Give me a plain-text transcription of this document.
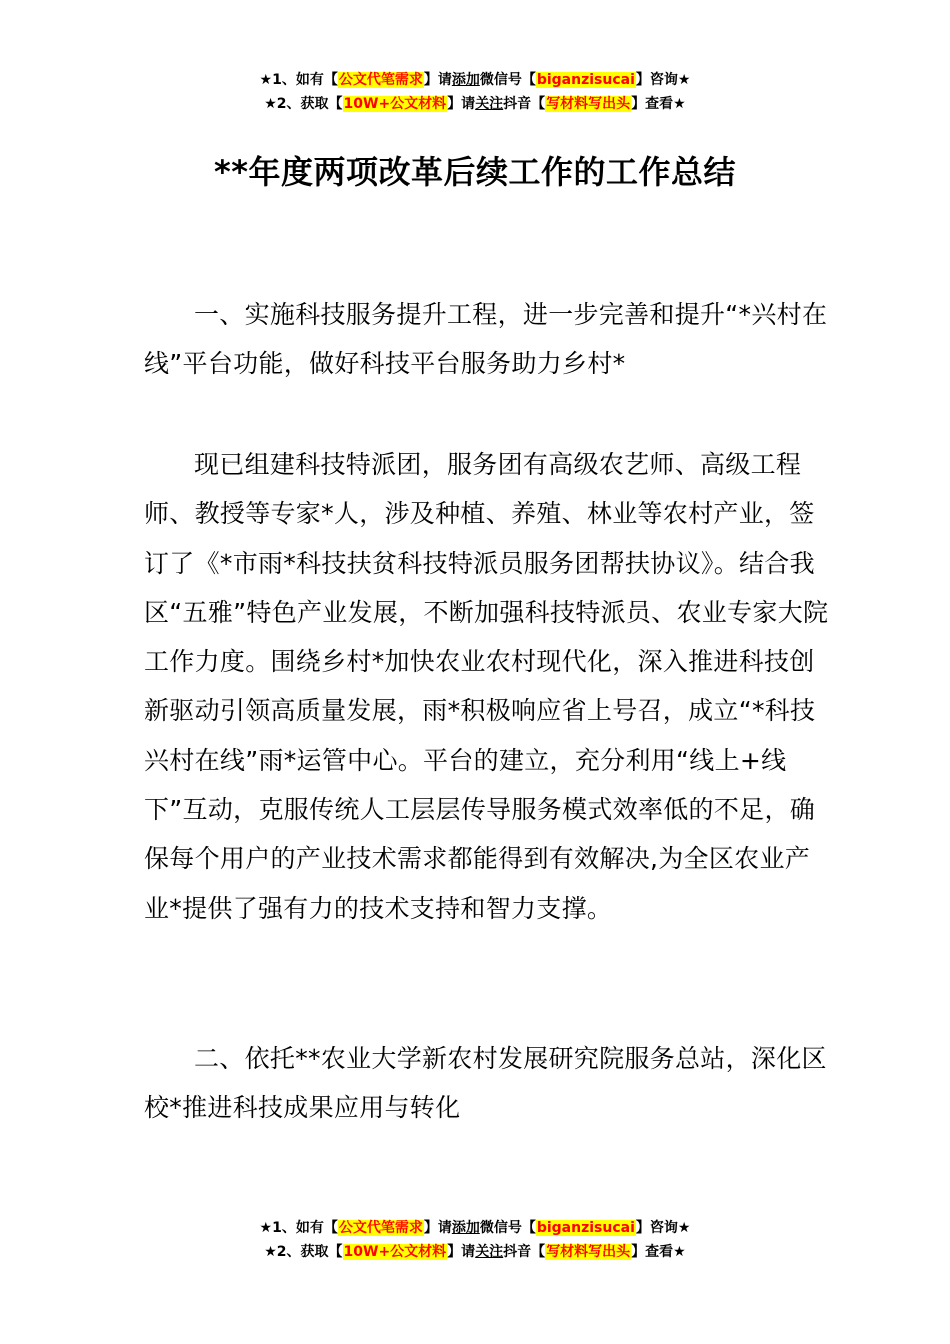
★1、如有【公文代笔需求】请添加微信号【biganzisucai】咨询★
★2、获取【10W+公文材料】请关注抖音【写材料写出头】查看★
**年度两项改革后续工作的工作总结

一、实施科技服务提升工程，进一步完善和提升“*兴村在线”平台功能，做好科技平台服务助力乡村*

现已组建科技特派团，服务团有高级农艺师、高级工程师、教授等专家*人，涉及种植、养殖、林业等农村产业，签订了《*市雨*科技扶贫科技特派员服务团帮扶协议》。结合我区“五雅”特色产业发展，不断加强科技特派员、农业专家大院工作力度。围绕乡村*加快农业农村现代化，深入推进科技创新驱动引领高质量发展，雨*积极响应省上号召，成立“*科技兴村在线”雨*运管中心。平台的建立，充分利用“线上+线下”互动，克服传统人工层层传导服务模式效率低的不足，确保每个用户的产业技术需求都能得到有效解决,为全区农业产业*提供了强有力的技术支持和智力支撑。

二、依托**农业大学新农村发展研究院服务总站，深化区校*推进科技成果应用与转化

★1、如有【公文代笔需求】请添加微信号【biganzisucai】咨询★
★2、获取【10W+公文材料】请关注抖音【写材料写出头】查看★
